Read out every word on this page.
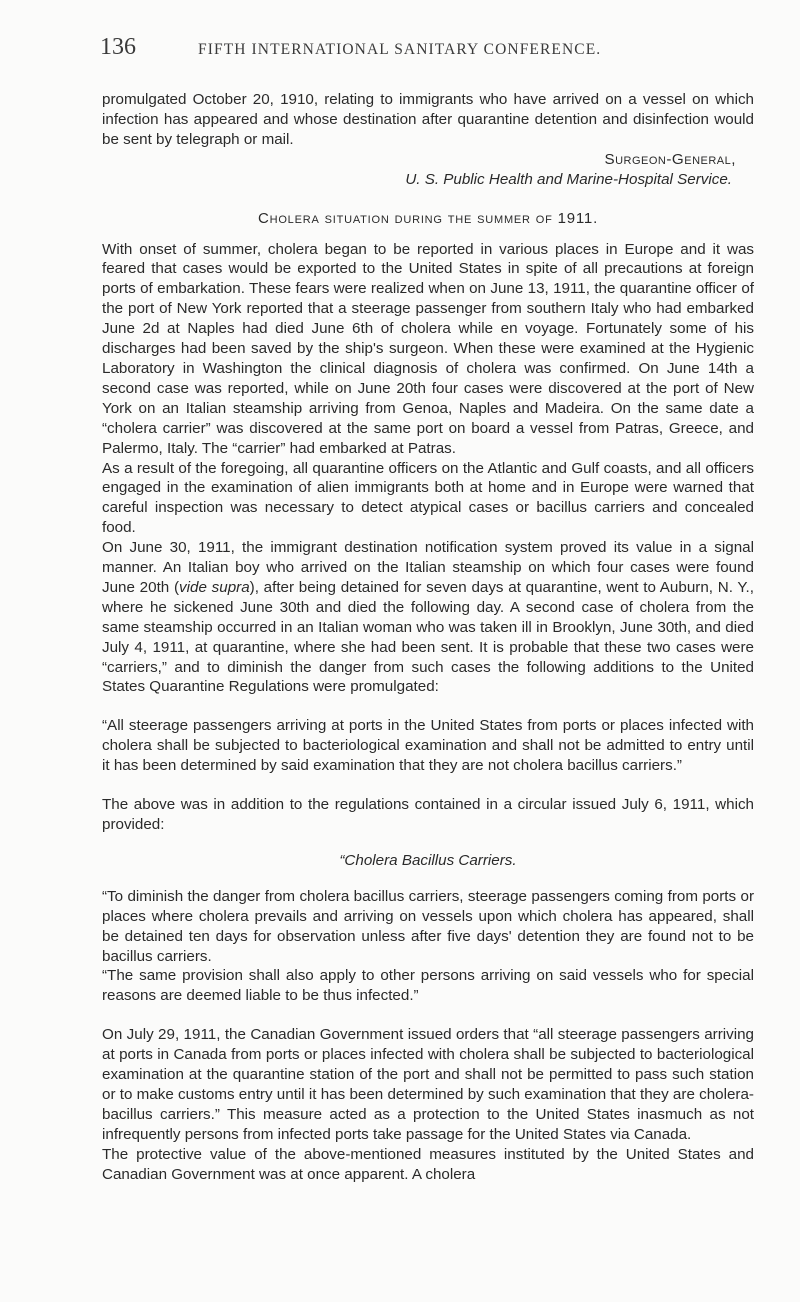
136	FIFTH INTERNATIONAL SANITARY CONFERENCE.

promulgated October 20, 1910, relating to immigrants who have arrived on a vessel on which infection has appeared and whose destination after quarantine detention and disinfection would be sent by telegraph or mail.

Surgeon-General,
U. S. Public Health and Marine-Hospital Service.
Cholera situation during the summer of 1911.

With onset of summer, cholera began to be reported in various places in Europe and it was feared that cases would be exported to the United States in spite of all precautions at foreign ports of embarkation. These fears were realized when on June 13, 1911, the quarantine officer of the port of New York reported that a steerage passenger from southern Italy who had embarked June 2d at Naples had died June 6th of cholera while en voyage. Fortunately some of his discharges had been saved by the ship's surgeon. When these were examined at the Hygienic Laboratory in Washington the clinical diagnosis of cholera was confirmed. On June 14th a second case was reported, while on June 20th four cases were discovered at the port of New York on an Italian steamship arriving from Genoa, Naples and Madeira. On the same date a “cholera carrier” was discovered at the same port on board a vessel from Patras, Greece, and Palermo, Italy. The “carrier” had embarked at Patras.

As a result of the foregoing, all quarantine officers on the Atlantic and Gulf coasts, and all officers engaged in the examination of alien immigrants both at home and in Europe were warned that careful inspection was necessary to detect atypical cases or bacillus carriers and concealed food.

On June 30, 1911, the immigrant destination notification system proved its value in a signal manner. An Italian boy who arrived on the Italian steamship on which four cases were found June 20th (vide supra), after being detained for seven days at quarantine, went to Auburn, N. Y., where he sickened June 30th and died the following day. A second case of cholera from the same steamship occurred in an Italian woman who was taken ill in Brooklyn, June 30th, and died July 4, 1911, at quarantine, where she had been sent. It is probable that these two cases were “carriers,” and to diminish the danger from such cases the following additions to the United States Quarantine Regulations were promulgated:

“All steerage passengers arriving at ports in the United States from ports or places infected with cholera shall be subjected to bacteriological examination and shall not be admitted to entry until it has been determined by said examination that they are not cholera bacillus carriers.”

The above was in addition to the regulations contained in a circular issued July 6, 1911, which provided:

“Cholera Bacillus Carriers.

“To diminish the danger from cholera bacillus carriers, steerage passengers coming from ports or places where cholera prevails and arriving on vessels upon which cholera has appeared, shall be detained ten days for observation unless after five days' detention they are found not to be bacillus carriers.

“The same provision shall also apply to other persons arriving on said vessels who for special reasons are deemed liable to be thus infected.”

On July 29, 1911, the Canadian Government issued orders that “all steerage passengers arriving at ports in Canada from ports or places infected with cholera shall be subjected to bacteriological examination at the quarantine station of the port and shall not be permitted to pass such station or to make customs entry until it has been determined by such examination that they are cholera-bacillus carriers.” This measure acted as a protection to the United States inasmuch as not infrequently persons from infected ports take passage for the United States via Canada.

The protective value of the above-mentioned measures instituted by the United States and Canadian Government was at once apparent. A cholera
